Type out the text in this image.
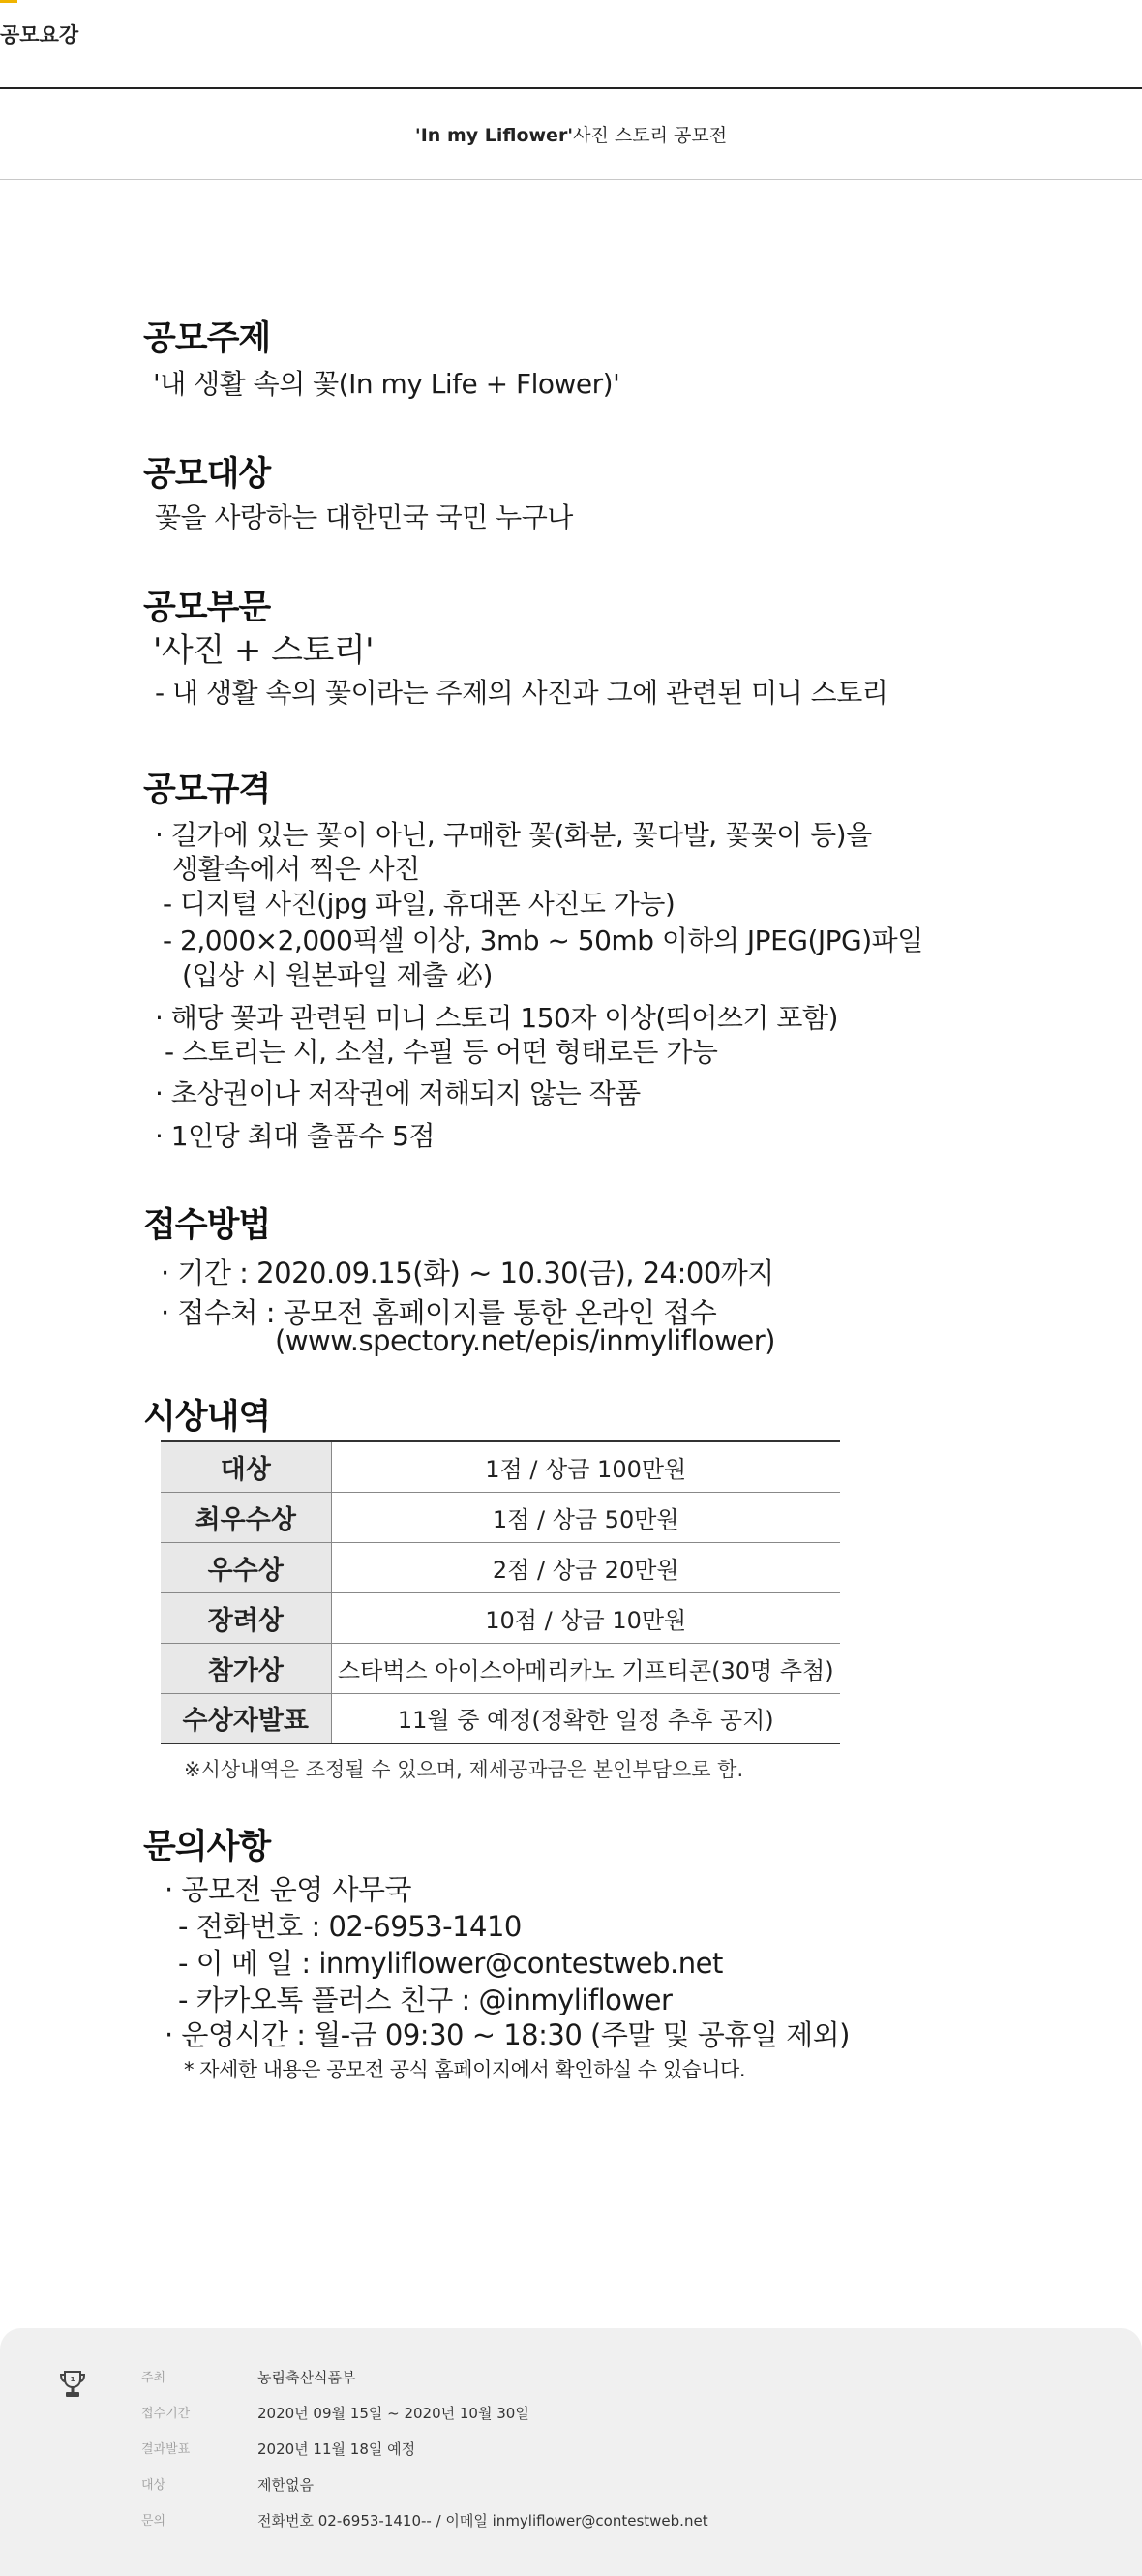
공모요강
'In my Liflower'사진 스토리 공모전
공모주제
'내 생활 속의 꽃(In my Life + Flower)'
공모대상
꽃을 사랑하는 대한민국 국민 누구나
공모부문
'사진 + 스토리'
- 내 생활 속의 꽃이라는 주제의 사진과 그에 관련된 미니 스토리
공모규격
· 길가에 있는 꽃이 아닌, 구매한 꽃(화분, 꽃다발, 꽃꽂이 등)을
생활속에서 찍은 사진
- 디지털 사진(jpg 파일, 휴대폰 사진도 가능)
- 2,000×2,000픽셀 이상, 3mb ~ 50mb 이하의 JPEG(JPG)파일
(입상 시 원본파일 제출 必)
· 해당 꽃과 관련된 미니 스토리 150자 이상(띄어쓰기 포함)
- 스토리는 시, 소설, 수필 등 어떤 형태로든 가능
· 초상권이나 저작권에 저해되지 않는 작품
· 1인당 최대 출품수 5점
접수방법
· 기간 : 2020.09.15(화) ~ 10.30(금), 24:00까지
· 접수처 : 공모전 홈페이지를 통한 온라인 접수
(www.spectory.net/epis/inmyliflower)
시상내역
대상	1점 / 상금 100만원
최우수상	1점 / 상금 50만원
우수상	2점 / 상금 20만원
장려상	10점 / 상금 10만원
참가상	스타벅스 아이스아메리카노 기프티콘(30명 추첨)
수상자발표	11월 중 예정(정확한 일정 추후 공지)
※시상내역은 조정될 수 있으며, 제세공과금은 본인부담으로 함.
문의사항
· 공모전 운영 사무국
- 전화번호 : 02-6953-1410
- 이 메 일 : inmyliflower@contestweb.net
- 카카오톡 플러스 친구 : @inmyliflower
· 운영시간 : 월-금 09:30 ~ 18:30 (주말 및 공휴일 제외)
* 자세한 내용은 공모전 공식 홈페이지에서 확인하실 수 있습니다.
1	주최	농림축산식품부
접수기간	2020년 09월 15일 ~ 2020년 10월 30일
결과발표	2020년 11월 18일 예정
대상	제한없음
문의	전화번호 02-6953-1410-- / 이메일 inmyliflower@contestweb.net
